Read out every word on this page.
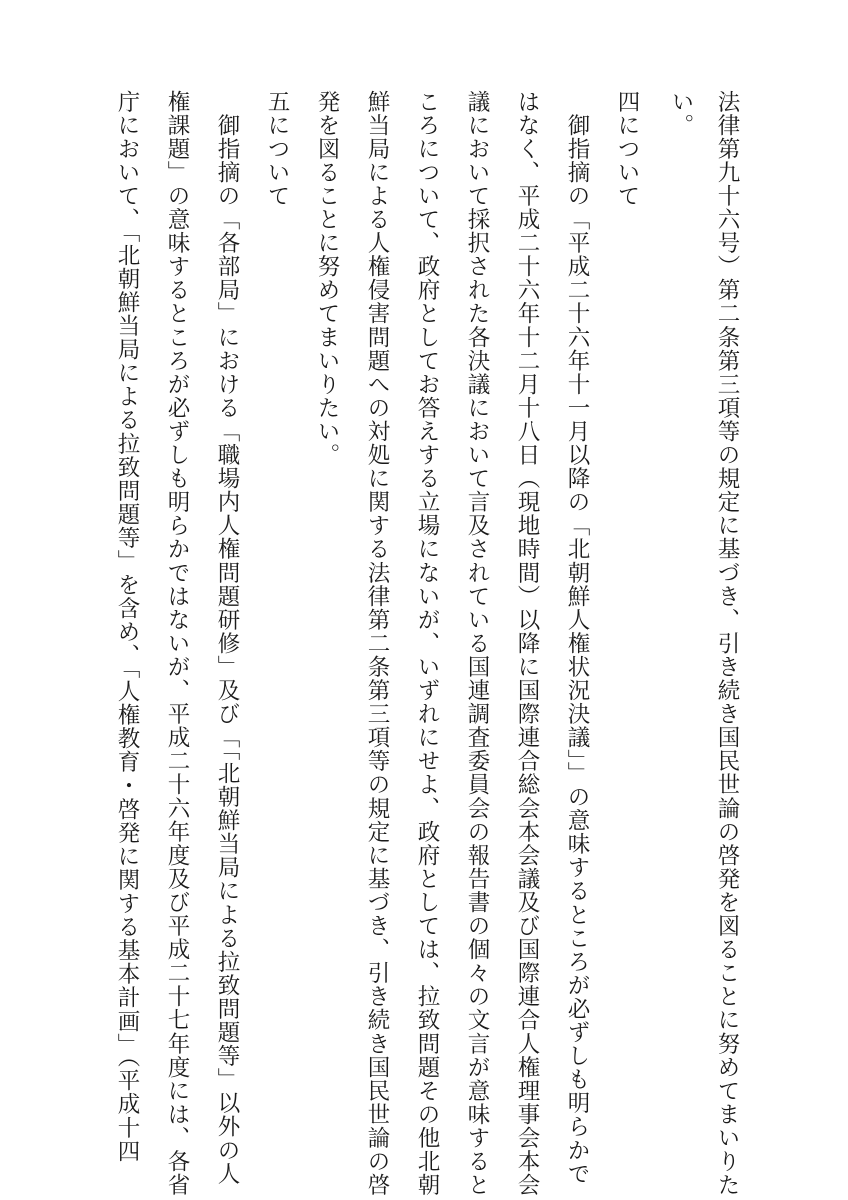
法律第九十六号）第二条第三項等の規定に基づき、引き続き国民世論の啓発を図ることに努めてまいりた
い。
四について
　御指摘の「平成二十六年十一月以降の「北朝鮮人権状況決議」」の意味するところが必ずしも明らかで
はなく、平成二十六年十二月十八日（現地時間）以降に国際連合総会本会議及び国際連合人権理事会本会
議において採択された各決議において言及されている国連調査委員会の報告書の個々の文言が意味すると
ころについて、政府としてお答えする立場にないが、いずれにせよ、政府としては、拉致問題その他北朝
鮮当局による人権侵害問題への対処に関する法律第二条第三項等の規定に基づき、引き続き国民世論の啓
発を図ることに努めてまいりたい。
五について
　御指摘の「各部局」における「職場内人権問題研修」及び「「北朝鮮当局による拉致問題等」以外の人
権課題」の意味するところが必ずしも明らかではないが、平成二十六年度及び平成二十七年度には、各省
庁において、「北朝鮮当局による拉致問題等」を含め、「人権教育・啓発に関する基本計画」（平成十四
